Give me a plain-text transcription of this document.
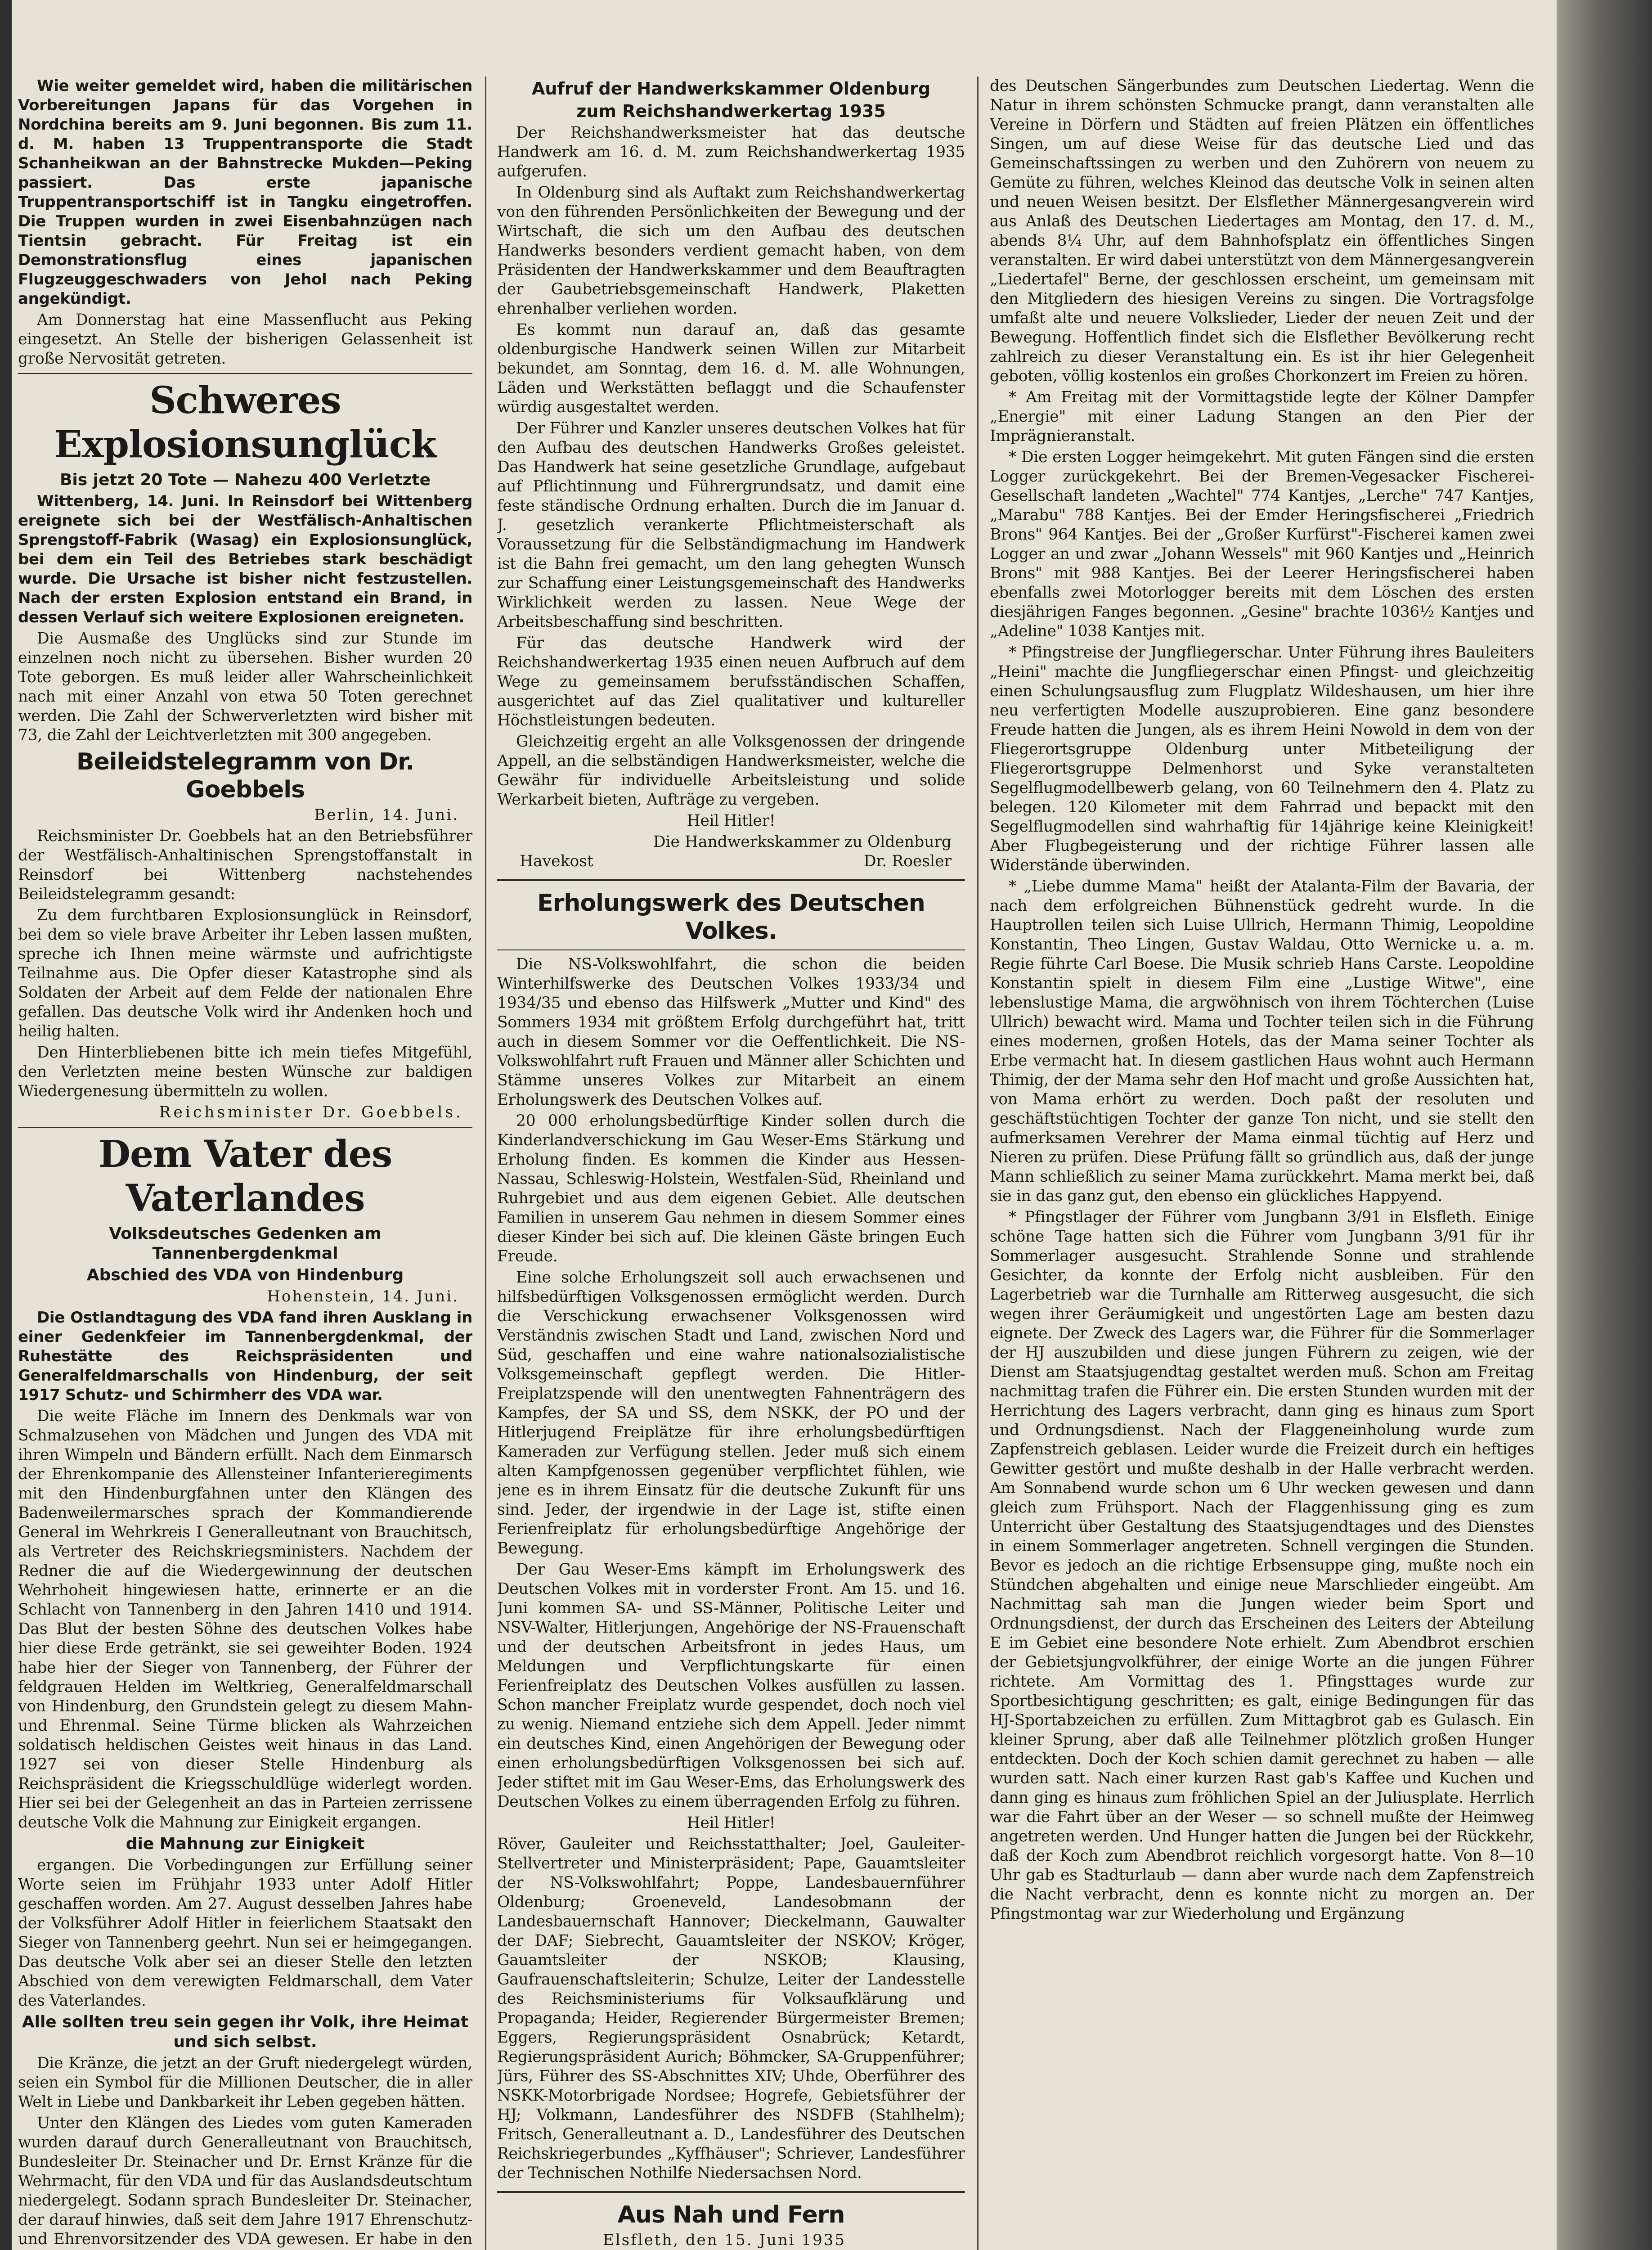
Wie weiter gemeldet wird, haben die militärischen Vorbereitungen Japans für das Vorgehen in Nordchina bereits am 9. Juni begonnen. Bis zum 11. d. M. haben 13 Truppentransporte die Stadt Schanheikwan an der Bahnstrecke Mukden—Peking passiert. Das erste japanische Truppentransportschiff ist in Tangku eingetroffen. Die Truppen wurden in zwei Eisenbahnzügen nach Tientsin gebracht. Für Freitag ist ein Demonstrationsflug eines japanischen Flugzeuggeschwaders von Jehol nach Peking angekündigt.

Am Donnerstag hat eine Massenflucht aus Peking eingesetzt. An Stelle der bisherigen Gelassenheit ist große Nervosität getreten.

Schweres Explosionsunglück
Bis jetzt 20 Tote — Nahezu 400 Verletzte

Wittenberg, 14. Juni. In Reinsdorf bei Wittenberg ereignete sich bei der Westfälisch-Anhaltischen Sprengstoff-Fabrik (Wasag) ein Explosionsunglück, bei dem ein Teil des Betriebes stark beschädigt wurde. Die Ursache ist bisher nicht festzustellen. Nach der ersten Explosion entstand ein Brand, in dessen Verlauf sich weitere Explosionen ereigneten.

Die Ausmaße des Unglücks sind zur Stunde im einzelnen noch nicht zu übersehen. Bisher wurden 20 Tote geborgen. Es muß leider aller Wahrscheinlichkeit nach mit einer Anzahl von etwa 50 Toten gerechnet werden. Die Zahl der Schwerverletzten wird bisher mit 73, die Zahl der Leichtverletzten mit 300 angegeben.

Beileidstelegramm von Dr. Goebbels
Berlin, 14. Juni.

Reichsminister Dr. Goebbels hat an den Betriebsführer der Westfälisch-Anhaltinischen Sprengstoffanstalt in Reinsdorf bei Wittenberg nachstehendes Beileidstelegramm gesandt:

Zu dem furchtbaren Explosionsunglück in Reinsdorf, bei dem so viele brave Arbeiter ihr Leben lassen mußten, spreche ich Ihnen meine wärmste und aufrichtigste Teilnahme aus. Die Opfer dieser Katastrophe sind als Soldaten der Arbeit auf dem Felde der nationalen Ehre gefallen. Das deutsche Volk wird ihr Andenken hoch und heilig halten.

Den Hinterbliebenen bitte ich mein tiefes Mitgefühl, den Verletzten meine besten Wünsche zur baldigen Wiedergenesung übermitteln zu wollen.

Reichsminister Dr. Goebbels.

Dem Vater des Vaterlandes
Volksdeutsches Gedenken am Tannenbergdenkmal
Abschied des VDA von Hindenburg
Hohenstein, 14. Juni.

Die Ostlandtagung des VDA fand ihren Ausklang in einer Gedenkfeier im Tannenbergdenkmal, der Ruhestätte des Reichspräsidenten und Generalfeldmarschalls von Hindenburg, der seit 1917 Schutz- und Schirmherr des VDA war.

Die weite Fläche im Innern des Denkmals war von Schmalzusehen von Mädchen und Jungen des VDA mit ihren Wimpeln und Bändern erfüllt. Nach dem Einmarsch der Ehrenkompanie des Allensteiner Infanterieregiments mit den Hindenburgfahnen unter den Klängen des Badenweilermarsches sprach der Kommandierende General im Wehrkreis I Generalleutnant von Brauchitsch, als Vertreter des Reichskriegsministers. Nachdem der Redner die auf die Wiedergewinnung der deutschen Wehrhoheit hingewiesen hatte, erinnerte er an die Schlacht von Tannenberg in den Jahren 1410 und 1914. Das Blut der besten Söhne des deutschen Volkes habe hier diese Erde getränkt, sie sei geweihter Boden. 1924 habe hier der Sieger von Tannenberg, der Führer der feldgrauen Helden im Weltkrieg, Generalfeldmarschall von Hindenburg, den Grundstein gelegt zu diesem Mahn- und Ehrenmal. Seine Türme blicken als Wahrzeichen soldatisch heldischen Geistes weit hinaus in das Land. 1927 sei von dieser Stelle Hindenburg als Reichspräsident die Kriegsschuldlüge widerlegt worden. Hier sei bei der Gelegenheit an das in Parteien zerrissene deutsche Volk die Mahnung zur Einigkeit ergangen.

die Mahnung zur Einigkeit

ergangen. Die Vorbedingungen zur Erfüllung seiner Worte seien im Frühjahr 1933 unter Adolf Hitler geschaffen worden. Am 27. August desselben Jahres habe der Volksführer Adolf Hitler in feierlichem Staatsakt den Sieger von Tannenberg geehrt. Nun sei er heimgegangen. Das deutsche Volk aber sei an dieser Stelle den letzten Abschied von dem verewigten Feldmarschall, dem Vater des Vaterlandes.

Alle sollten treu sein gegen ihr Volk, ihre Heimat und sich selbst.

Die Kränze, die jetzt an der Gruft niedergelegt würden, seien ein Symbol für die Millionen Deutscher, die in aller Welt in Liebe und Dankbarkeit ihr Leben gegeben hätten.

Unter den Klängen des Liedes vom guten Kameraden wurden darauf durch Generalleutnant von Brauchitsch, Bundesleiter Dr. Steinacher und Dr. Ernst Kränze für die Wehrmacht, für den VDA und für das Auslandsdeutschtum niedergelegt. Sodann sprach Bundesleiter Dr. Steinacher, der darauf hinwies, daß seit dem Jahre 1917 Ehrenschutz- und Ehrenvorsitzender des VDA gewesen. Er habe in den

Aufruf der Handwerkskammer Oldenburg
zum Reichshandwerkertag 1935

Der Reichshandwerksmeister hat das deutsche Handwerk am 16. d. M. zum Reichshandwerkertag 1935 aufgerufen.

In Oldenburg sind als Auftakt zum Reichshandwerkertag von den führenden Persönlichkeiten der Bewegung und der Wirtschaft, die sich um den Aufbau des deutschen Handwerks besonders verdient gemacht haben, von dem Präsidenten der Handwerkskammer und dem Beauftragten der Gaubetriebsgemeinschaft Handwerk, Plaketten ehrenhalber verliehen worden.

Es kommt nun darauf an, daß das gesamte oldenburgische Handwerk seinen Willen zur Mitarbeit bekundet, am Sonntag, dem 16. d. M. alle Wohnungen, Läden und Werkstätten beflaggt und die Schaufenster würdig ausgestaltet werden.

Der Führer und Kanzler unseres deutschen Volkes hat für den Aufbau des deutschen Handwerks Großes geleistet. Das Handwerk hat seine gesetzliche Grundlage, aufgebaut auf Pflichtinnung und Führergrundsatz, und damit eine feste ständische Ordnung erhalten. Durch die im Januar d. J. gesetzlich verankerte Pflichtmeisterschaft als Voraussetzung für die Selbständigmachung im Handwerk ist die Bahn frei gemacht, um den lang gehegten Wunsch zur Schaffung einer Leistungsgemeinschaft des Handwerks Wirklichkeit werden zu lassen. Neue Wege der Arbeitsbeschaffung sind beschritten.

Für das deutsche Handwerk wird der Reichshandwerkertag 1935 einen neuen Aufbruch auf dem Wege zu gemeinsamem berufsständischen Schaffen, ausgerichtet auf das Ziel qualitativer und kultureller Höchstleistungen bedeuten.

Gleichzeitig ergeht an alle Volksgenossen der dringende Appell, an die selbständigen Handwerksmeister, welche die Gewähr für individuelle Arbeitsleistung und solide Werkarbeit bieten, Aufträge zu vergeben.

Heil Hitler!

Die Handwerkskammer zu Oldenburg
Havekost	Dr. Roesler
Erholungswerk des Deutschen Volkes.

Die NS-Volkswohlfahrt, die schon die beiden Winterhilfswerke des Deutschen Volkes 1933/34 und 1934/35 und ebenso das Hilfswerk „Mutter und Kind" des Sommers 1934 mit größtem Erfolg durchgeführt hat, tritt auch in diesem Sommer vor die Oeffentlichkeit. Die NS-Volkswohlfahrt ruft Frauen und Männer aller Schichten und Stämme unseres Volkes zur Mitarbeit an einem Erholungswerk des Deutschen Volkes auf.

20 000 erholungsbedürftige Kinder sollen durch die Kinderlandverschickung im Gau Weser-Ems Stärkung und Erholung finden. Es kommen die Kinder aus Hessen-Nassau, Schleswig-Holstein, Westfalen-Süd, Rheinland und Ruhrgebiet und aus dem eigenen Gebiet. Alle deutschen Familien in unserem Gau nehmen in diesem Sommer eines dieser Kinder bei sich auf. Die kleinen Gäste bringen Euch Freude.

Eine solche Erholungszeit soll auch erwachsenen und hilfsbedürftigen Volksgenossen ermöglicht werden. Durch die Verschickung erwachsener Volksgenossen wird Verständnis zwischen Stadt und Land, zwischen Nord und Süd, geschaffen und eine wahre nationalsozialistische Volksgemeinschaft gepflegt werden. Die Hitler-Freiplatzspende will den unentwegten Fahnenträgern des Kampfes, der SA und SS, dem NSKK, der PO und der Hitlerjugend Freiplätze für ihre erholungsbedürftigen Kameraden zur Verfügung stellen. Jeder muß sich einem alten Kampfgenossen gegenüber verpflichtet fühlen, wie jene es in ihrem Einsatz für die deutsche Zukunft für uns sind. Jeder, der irgendwie in der Lage ist, stifte einen Ferienfreiplatz für erholungsbedürftige Angehörige der Bewegung.

Der Gau Weser-Ems kämpft im Erholungswerk des Deutschen Volkes mit in vorderster Front. Am 15. und 16. Juni kommen SA- und SS-Männer, Politische Leiter und NSV-Walter, Hitlerjungen, Angehörige der NS-Frauenschaft und der deutschen Arbeitsfront in jedes Haus, um Meldungen und Verpflichtungskarte für einen Ferienfreiplatz des Deutschen Volkes ausfüllen zu lassen. Schon mancher Freiplatz wurde gespendet, doch noch viel zu wenig. Niemand entziehe sich dem Appell. Jeder nimmt ein deutsches Kind, einen Angehörigen der Bewegung oder einen erholungsbedürftigen Volksgenossen bei sich auf. Jeder stiftet mit im Gau Weser-Ems, das Erholungswerk des Deutschen Volkes zu einem überragenden Erfolg zu führen.

Heil Hitler!

Röver, Gauleiter und Reichsstatthalter; Joel, Gauleiter-Stellvertreter und Ministerpräsident; Pape, Gauamtsleiter der NS-Volkswohlfahrt; Poppe, Landesbauernführer Oldenburg; Groeneveld, Landesobmann der Landesbauernschaft Hannover; Dieckelmann, Gauwalter der DAF; Siebrecht, Gauamtsleiter der NSKOV; Kröger, Gauamtsleiter der NSKOB; Klausing, Gaufrauenschaftsleiterin; Schulze, Leiter der Landesstelle des Reichsministeriums für Volksaufklärung und Propaganda; Heider, Regierender Bürgermeister Bremen; Eggers, Regierungspräsident Osnabrück; Ketardt, Regierungspräsident Aurich; Böhmcker, SA-Gruppenführer; Jürs, Führer des SS-Abschnittes XIV; Uhde, Oberführer des NSKK-Motorbrigade Nordsee; Hogrefe, Gebietsführer der HJ; Volkmann, Landesführer des NSDFB (Stahlhelm); Fritsch, Generalleutnant a. D., Landesführer des Deutschen Reichskriegerbundes „Kyffhäuser"; Schriever, Landesführer der Technischen Nothilfe Niedersachsen Nord.

Aus Nah und Fern
Elsfleth, den 15. Juni 1935

des Deutschen Sängerbundes zum Deutschen Liedertag. Wenn die Natur in ihrem schönsten Schmucke prangt, dann veranstalten alle Vereine in Dörfern und Städten auf freien Plätzen ein öffentliches Singen, um auf diese Weise für das deutsche Lied und das Gemeinschaftssingen zu werben und den Zuhörern von neuem zu Gemüte zu führen, welches Kleinod das deutsche Volk in seinen alten und neuen Weisen besitzt. Der Elsflether Männergesangverein wird aus Anlaß des Deutschen Liedertages am Montag, den 17. d. M., abends 8¼ Uhr, auf dem Bahnhofsplatz ein öffentliches Singen veranstalten. Er wird dabei unterstützt von dem Männergesangverein „Liedertafel" Berne, der geschlossen erscheint, um gemeinsam mit den Mitgliedern des hiesigen Vereins zu singen. Die Vortragsfolge umfaßt alte und neuere Volkslieder, Lieder der neuen Zeit und der Bewegung. Hoffentlich findet sich die Elsflether Bevölkerung recht zahlreich zu dieser Veranstaltung ein. Es ist ihr hier Gelegenheit geboten, völlig kostenlos ein großes Chorkonzert im Freien zu hören.

* Am Freitag mit der Vormittagstide legte der Kölner Dampfer „Energie" mit einer Ladung Stangen an den Pier der Imprägnieranstalt.

* Die ersten Logger heimgekehrt. Mit guten Fängen sind die ersten Logger zurückgekehrt. Bei der Bremen-Vegesacker Fischerei-Gesellschaft landeten „Wachtel" 774 Kantjes, „Lerche" 747 Kantjes, „Marabu" 788 Kantjes. Bei der Emder Heringsfischerei „Friedrich Brons" 964 Kantjes. Bei der „Großer Kurfürst"-Fischerei kamen zwei Logger an und zwar „Johann Wessels" mit 960 Kantjes und „Heinrich Brons" mit 988 Kantjes. Bei der Leerer Heringsfischerei haben ebenfalls zwei Motorlogger bereits mit dem Löschen des ersten diesjährigen Fanges begonnen. „Gesine" brachte 1036½ Kantjes und „Adeline" 1038 Kantjes mit.

* Pfingstreise der Jungfliegerschar. Unter Führung ihres Bauleiters „Heini" machte die Jungfliegerschar einen Pfingst- und gleichzeitig einen Schulungsausflug zum Flugplatz Wildeshausen, um hier ihre neu verfertigten Modelle auszuprobieren. Eine ganz besondere Freude hatten die Jungen, als es ihrem Heini Nowold in dem von der Fliegerortsgruppe Oldenburg unter Mitbeteiligung der Fliegerortsgruppe Delmenhorst und Syke veranstalteten Segelflugmodellbewerb gelang, von 60 Teilnehmern den 4. Platz zu belegen. 120 Kilometer mit dem Fahrrad und bepackt mit den Segelflugmodellen sind wahrhaftig für 14jährige keine Kleinigkeit! Aber Flugbegeisterung und der richtige Führer lassen alle Widerstände überwinden.

* „Liebe dumme Mama" heißt der Atalanta-Film der Bavaria, der nach dem erfolgreichen Bühnenstück gedreht wurde. In die Hauptrollen teilen sich Luise Ullrich, Hermann Thimig, Leopoldine Konstantin, Theo Lingen, Gustav Waldau, Otto Wernicke u. a. m. Regie führte Carl Boese. Die Musik schrieb Hans Carste. Leopoldine Konstantin spielt in diesem Film eine „Lustige Witwe", eine lebenslustige Mama, die argwöhnisch von ihrem Töchterchen (Luise Ullrich) bewacht wird. Mama und Tochter teilen sich in die Führung eines modernen, großen Hotels, das der Mama seiner Tochter als Erbe vermacht hat. In diesem gastlichen Haus wohnt auch Hermann Thimig, der der Mama sehr den Hof macht und große Aussichten hat, von Mama erhört zu werden. Doch paßt der resoluten und geschäftstüchtigen Tochter der ganze Ton nicht, und sie stellt den aufmerksamen Verehrer der Mama einmal tüchtig auf Herz und Nieren zu prüfen. Diese Prüfung fällt so gründlich aus, daß der junge Mann schließlich zu seiner Mama zurückkehrt. Mama merkt bei, daß sie in das ganz gut, den ebenso ein glückliches Happyend.

* Pfingstlager der Führer vom Jungbann 3/91 in Elsfleth. Einige schöne Tage hatten sich die Führer vom Jungbann 3/91 für ihr Sommerlager ausgesucht. Strahlende Sonne und strahlende Gesichter, da konnte der Erfolg nicht ausbleiben. Für den Lagerbetrieb war die Turnhalle am Ritterweg ausgesucht, die sich wegen ihrer Geräumigkeit und ungestörten Lage am besten dazu eignete. Der Zweck des Lagers war, die Führer für die Sommerlager der HJ auszubilden und diese jungen Führern zu zeigen, wie der Dienst am Staatsjugendtag gestaltet werden muß. Schon am Freitag nachmittag trafen die Führer ein. Die ersten Stunden wurden mit der Herrichtung des Lagers verbracht, dann ging es hinaus zum Sport und Ordnungsdienst. Nach der Flaggeneinholung wurde zum Zapfenstreich geblasen. Leider wurde die Freizeit durch ein heftiges Gewitter gestört und mußte deshalb in der Halle verbracht werden. Am Sonnabend wurde schon um 6 Uhr wecken gewesen und dann gleich zum Frühsport. Nach der Flaggenhissung ging es zum Unterricht über Gestaltung des Staatsjugendtages und des Dienstes in einem Sommerlager angetreten. Schnell vergingen die Stunden. Bevor es jedoch an die richtige Erbsensuppe ging, mußte noch ein Stündchen abgehalten und einige neue Marschlieder eingeübt. Am Nachmittag sah man die Jungen wieder beim Sport und Ordnungsdienst, der durch das Erscheinen des Leiters der Abteilung E im Gebiet eine besondere Note erhielt. Zum Abendbrot erschien der Gebietsjungvolkführer, der einige Worte an die jungen Führer richtete. Am Vormittag des 1. Pfingsttages wurde zur Sportbesichtigung geschritten; es galt, einige Bedingungen für das HJ-Sportabzeichen zu erfüllen. Zum Mittagbrot gab es Gulasch. Ein kleiner Sprung, aber daß alle Teilnehmer plötzlich großen Hunger entdeckten. Doch der Koch schien damit gerechnet zu haben — alle wurden satt. Nach einer kurzen Rast gab's Kaffee und Kuchen und dann ging es hinaus zum fröhlichen Spiel an der Juliusplate. Herrlich war die Fahrt über an der Weser — so schnell mußte der Heimweg angetreten werden. Und Hunger hatten die Jungen bei der Rückkehr, daß der Koch zum Abendbrot reichlich vorgesorgt hatte. Von 8—10 Uhr gab es Stadturlaub — dann aber wurde nach dem Zapfenstreich die Nacht verbracht, denn es konnte nicht zu morgen an. Der Pfingstmontag war zur Wiederholung und Ergänzung
